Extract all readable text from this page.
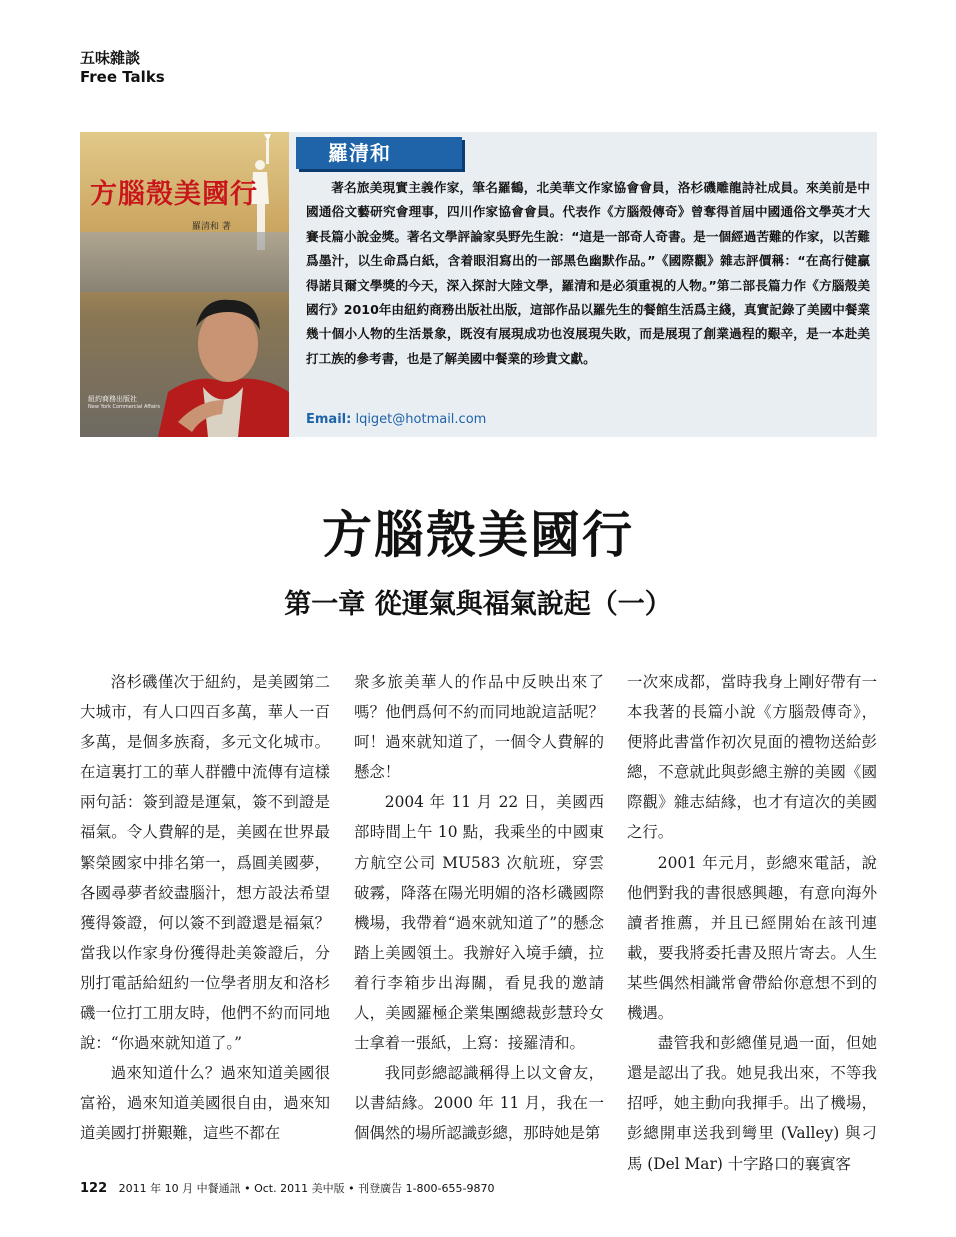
五味雜談
Free Talks
方腦殼美國行
羅清和 著
紐約商務出版社
New York Commercial Affairs
羅清和
著名旅美現實主義作家，筆名羅鶴，北美華文作家協會會員，洛杉磯雕龍詩社成員。來美前是中國通俗文藝研究會理事，四川作家協會會員。代表作《方腦殼傳奇》曾奪得首屆中國通俗文學英才大賽長篇小說金獎。著名文學評論家吳野先生說：“這是一部奇人奇書。是一個經過苦難的作家，以苦難爲墨汁，以生命爲白紙，含着眼泪寫出的一部黑色幽默作品。”《國際觀》雜志評價稱：“在高行健贏得諾貝爾文學獎的今天，深入探討大陸文學，羅清和是必須重視的人物。”第二部長篇力作《方腦殼美國行》2010年由紐約商務出版社出版，這部作品以羅先生的餐館生活爲主綫，真實記錄了美國中餐業幾十個小人物的生活景象，既沒有展現成功也沒展現失敗，而是展現了創業過程的艱辛，是一本赴美打工族的參考書，也是了解美國中餐業的珍貴文獻。
Email: lqiget@hotmail.com
方腦殼美國行
第一章 從運氣與福氣說起（一）

洛杉磯僅次于紐約，是美國第二大城市，有人口四百多萬，華人一百多萬，是個多族裔，多元文化城市。在這裏打工的華人群體中流傳有這樣兩句話：簽到證是運氣，簽不到證是福氣。令人費解的是，美國在世界最繁榮國家中排名第一，爲圓美國夢，各國尋夢者絞盡腦汁，想方設法希望獲得簽證，何以簽不到證還是福氣？當我以作家身份獲得赴美簽證后，分別打電話給紐約一位學者朋友和洛杉磯一位打工朋友時，他們不約而同地說：“你過來就知道了。”

過來知道什么？過來知道美國很富裕，過來知道美國很自由，過來知道美國打拼艱難，這些不都在

衆多旅美華人的作品中反映出來了嗎？他們爲何不約而同地說這話呢？呵！過來就知道了，一個令人費解的懸念！

2004 年 11 月 22 日，美國西部時間上午 10 點，我乘坐的中國東方航空公司 MU583 次航班，穿雲破霧，降落在陽光明媚的洛杉磯國際機場，我帶着“過來就知道了”的懸念踏上美國領土。我辦好入境手續，拉着行李箱步出海關，看見我的邀請人，美國羅極企業集團總裁彭慧玲女士拿着一張紙，上寫：接羅清和。

我同彭總認識稱得上以文會友，以書結緣。2000 年 11 月，我在一個偶然的場所認識彭總，那時她是第

一次來成都，當時我身上剛好帶有一本我著的長篇小說《方腦殼傳奇》，便將此書當作初次見面的禮物送給彭總，不意就此與彭總主辦的美國《國際觀》雜志結緣，也才有這次的美國之行。

2001 年元月，彭總來電話，說他們對我的書很感興趣，有意向海外讀者推薦，并且已經開始在該刊連載，要我將委托書及照片寄去。人生某些偶然相識常會帶給你意想不到的機遇。

盡管我和彭總僅見過一面，但她還是認出了我。她見我出來，不等我招呼，她主動向我揮手。出了機場，彭總開車送我到彎里 (Valley) 與刁馬 (Del Mar) 十字路口的襄賓客

122 2011 年 10 月 中餐通訊 • Oct. 2011 美中版 • 刊登廣告 1-800-655-9870
